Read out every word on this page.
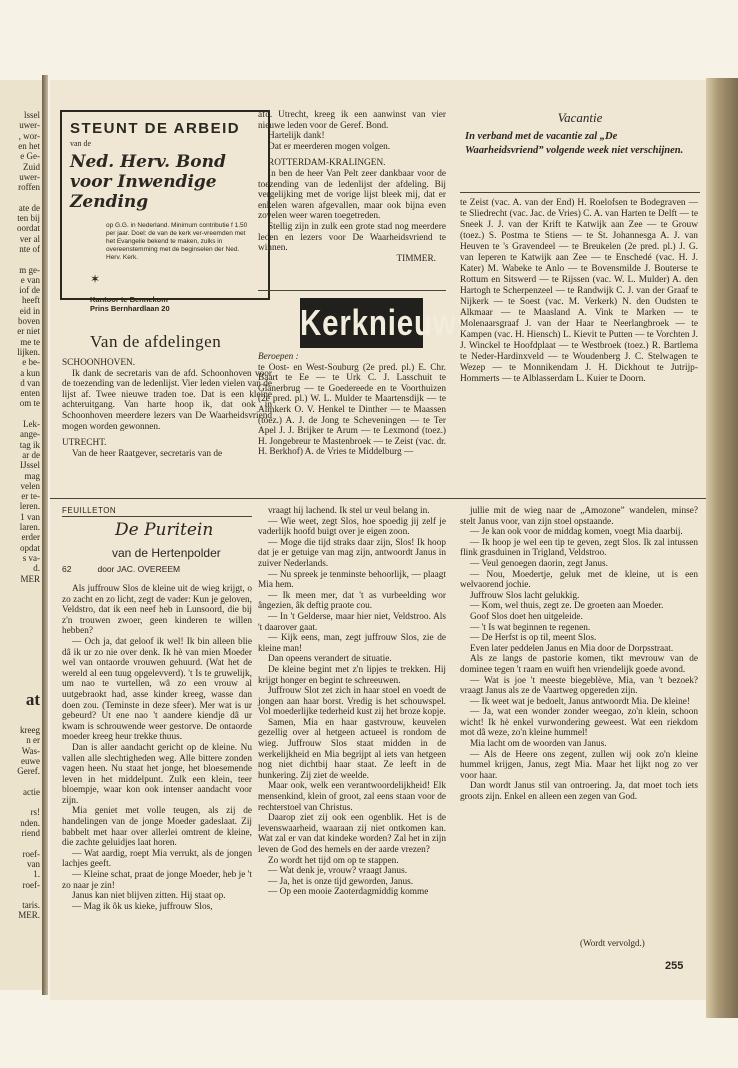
lssel
uwer-
, wor-
en het
e Ge-
Zuid
uwer-
roffen
ate de
ten bij
oordat
ver al
nte of
m ge-
e van
iof de
heeft
eid in
boven
er niet
me te
lijken.
e be-
a kun
d van
enten
om te
Lek-
ange-
tag ik
ar de
IJssel
mag
velen
er te-
leren.
1 van
laren.
erder
opdat
s va-
d.
MER
at
kreeg
n er
Was-
euwe
Geref.
actie
rs!
nden.
riend
roef-
van
1.
roef-
taris.
MER.
STEUNT DE ARBEID
van de
Ned. Herv. Bond voor Inwendige Zending
op G.G. in Nederland. Minimum contributie f 1.50 per jaar. Doel: de van de kerk ver-vreemden met het Evangelie bekend te maken, zulks in overeenstemming met de beginselen der Ned. Herv. Kerk.
✶
Kantoor te Bennekom
Prins Bernhardlaan 20
Van de afdelingen
SCHOONHOVEN.

Ik dank de secretaris van de afd. Schoonhoven voor de toezending van de ledenlijst. Vier leden vielen van de lijst af. Twee nieuwe traden toe. Dat is een kleine achteruitgang. Van harte hoop ik, dat ook in Schoonhoven meerdere lezers van De Waarheidsvriend mogen worden gewonnen.

UTRECHT.

Van de heer Raatgever, secretaris van de

afd. Utrecht, kreeg ik een aanwinst van vier nieuwe leden voor de Geref. Bond.

Hartelijk dank!

Dat er meerderen mogen volgen.

ROTTERDAM-KRALINGEN.

In ben de heer Van Pelt zeer dankbaar voor de toezending van de ledenlijst der afdeling. Bij vergelijking met de vorige lijst bleek mij, dat er enkelen waren afgevallen, maar ook bijna even zovelen weer waren toegetreden.

Stellig zijn in zulk een grote stad nog meerdere leden en lezers voor De Waarheidsvriend te winnen.

TIMMER.
Kerknieuws
Beroepen :
te Oost- en West-Souburg (2e pred. pl.) E. Chr. Baart te Ee — te Urk C. J. Lasschuit te Glanerbrug — te Goedereede en te Voorthuizen (2e pred. pl.) W. L. Mulder te Maartensdijk — te Almkerk O. V. Henkel te Dinther — te Maassen (toez.) A. J. de Jong te Scheveningen — te Ter Apel J. J. Brijker te Arum — te Lexmond (toez.) H. Jongebreur te Mastenbroek — te Zeist (vac. dr. H. Berkhof) A. de Vries te Middelburg —
Vacantie
In verband met de vacantie zal „De Waarheidsvriend” volgende week niet verschijnen.
te Zeist (vac. A. van der End) H. Roelofsen te Bodegraven — te Sliedrecht (vac. Jac. de Vries) C. A. van Harten te Delft — te Sneek J. J. van der Krift te Katwijk aan Zee — te Grouw (toez.) S. Postma te Stiens — te St. Johannesga A. J. van Heuven te 's Gravendeel — te Breukelen (2e pred. pl.) J. G. van Ieperen te Katwijk aan Zee — te Enschedé (vac. H. J. Kater) M. Wabeke te Anlo — te Bovensmilde J. Bouterse te Rottum en Sitswerd — te Rijssen (vac. W. L. Mulder) A. den Hartogh te Scherpenzeel — te Randwijk C. J. van der Graaf te Nijkerk — te Soest (vac. M. Verkerk) N. den Oudsten te Alkmaar — te Maasland A. Vink te Marken — te Molenaarsgraaf J. van der Haar te Neerlangbroek — te Kampen (vac. H. Hiensch) L. Kievit te Putten — te Vorchten J. J. Winckel te Hoofdplaat — te Westbroek (toez.) R. Bartlema te Neder-Hardinxveld — te Woudenberg J. C. Stelwagen te Wezep — te Monnikendam J. H. Dickhout te Jutrijp-Hommerts — te Alblasserdam L. Kuier te Doorn.
FEUILLETON
De Puritein
van de Hertenpolder
62	door JAC. OVEREEM

Als juffrouw Slos de kleine uit de wieg krijgt, o zo zacht en zo licht, zegt de vader: Kun je geloven, Veldstro, dat ik een neef heb in Lunsoord, die bij z'n trouwen zwoer, geen kinderen te willen hebben?

— Och ja, dat geloof ik wel! Ik bin alleen blie dâ ik ur zo nie over denk. Ik hè van mien Moeder wel van ontaorde vrouwen gehuurd. (Wat het de wereld al een tuug opgelevverd). 't Is te gruwelijk, um nao te vurtellen, wâ zo een vrouw al uutgebraokt had, asse kinder kreeg, wasse dan doen zou. (Teminste in deze sfeer). Mer wat is ur gebeurd? Ut ene nao 't aandere kiendje dâ ur kwam is schrouwende weer gestorve. De ontaorde moeder kreeg heur trekke thuus.

Dan is aller aandacht gericht op de kleine. Nu vallen alle slechtigheden weg. Alle bittere zonden vagen heen. Nu staat het jonge, het bloesemende leven in het middelpunt. Zulk een klein, teer bloempje, waar kon ook intenser aandacht voor zijn.

Mia geniet met volle teugen, als zij de handelingen van de jonge Moeder gadeslaat. Zij babbelt met haar over allerlei omtrent de kleine, die zachte geluidjes laat horen.

— Wat aardig, roept Mia verrukt, als de jongen lachjes geeft.

— Kleine schat, praat de jonge Moeder, heb je 't zo naar je zin!

Janus kan niet blijven zitten. Hij staat op.

— Mag ik ôk us kieke, juffrouw Slos,

vraagt hij lachend. Ik stel ur veul belang in.

— Wie weet, zegt Slos, hoe spoedig jij zelf je vaderlijk hoofd buigt over je eigen zoon.

— Moge die tijd straks daar zijn, Slos! Ik hoop dat je er getuige van mag zijn, antwoordt Janus in zuiver Nederlands.

— Nu spreek je tenminste behoorlijk, — plaagt Mia hem.

— Ik meen mer, dat 't as vurbeelding wor ângezien, âk deftig praote cou.

— In 't Gelderse, maar hier niet, Veldstroo. Als 't daarover gaat.

— Kijk eens, man, zegt juffrouw Slos, zie de kleine man!

Dan opeens verandert de situatie.

De kleine begint met z'n lipjes te trekken. Hij krijgt honger en begint te schreeuwen.

Juffrouw Slot zet zich in haar stoel en voedt de jongen aan haar borst. Vredig is het schouwspel. Vol moederlijke tederheid kust zij het broze kopje.

Samen, Mia en haar gastvrouw, keuvelen gezellig over al hetgeen actueel is rondom de wieg. Juffrouw Slos staat midden in de werkelijkheid en Mia begrijpt al iets van hetgeen nog niet dichtbij haar staat. Ze leeft in de hunkering. Zij ziet de weelde.

Maar ook, welk een verantwoordelijkheid! Elk mensenkind, klein of groot, zal eens staan voor de rechterstoel van Christus.

Daarop ziet zij ook een ogenblik. Het is de levenswaarheid, waaraan zij niet ontkomen kan. Wat zal er van dat kindeke worden? Zal het in zijn leven de God des hemels en der aarde vrezen?

Zo wordt het tijd om op te stappen.

— Wat denk je, vrouw? vraagt Janus.

— Ja, het is onze tijd geworden, Janus.

— Op een mooie Zaoterdagmiddig komme

jullie mit de wieg naar de „Amozone” wandelen, minse? stelt Janus voor, van zijn stoel opstaande.

— Je kan ook voor de middag komen, voegt Mia daarbij.

— Ik hoop je wel een tip te geven, zegt Slos. Ik zal intussen flink grasduinen in Trigland, Veldstroo.

— Veul genoegen daorin, zegt Janus.

— Nou, Moedertje, geluk met de kleine, ut is een welvaorend jochie.

Juffrouw Slos lacht gelukkig.

— Kom, wel thuis, zegt ze. De groeten aan Moeder.

Goof Slos doet hen uitgeleide.

— 't Is wat beginnen te regenen.

— De Herfst is op til, meent Slos.

Even later peddelen Janus en Mia door de Dorpsstraat.

Als ze langs de pastorie komen, tikt mevrouw van de dominee tegen 't raam en wuift hen vriendelijk goede avond.

— Wat is joe 't meeste biegeblève, Mia, van 't bezoek? vraagt Janus als ze de Vaartweg opgereden zijn.

— Ik weet wat je bedoelt, Janus antwoordt Mia. De kleine!

— Ja, wat een wonder zonder weegao, zo'n klein, schoon wicht! Ik hè enkel vurwondering geweest. Wat een riekdom mot dâ weze, zo'n kleine hummel!

Mia lacht om de woorden van Janus.

— Als de Heere ons zegent, zullen wij ook zo'n kleine hummel krijgen, Janus, zegt Mia. Maar het lijkt nog zo ver voor haar.

Dan wordt Janus stil van ontroering. Ja, dat moet toch iets groots zijn. Enkel en alleen een zegen van God.

(Wordt vervolgd.)
255
